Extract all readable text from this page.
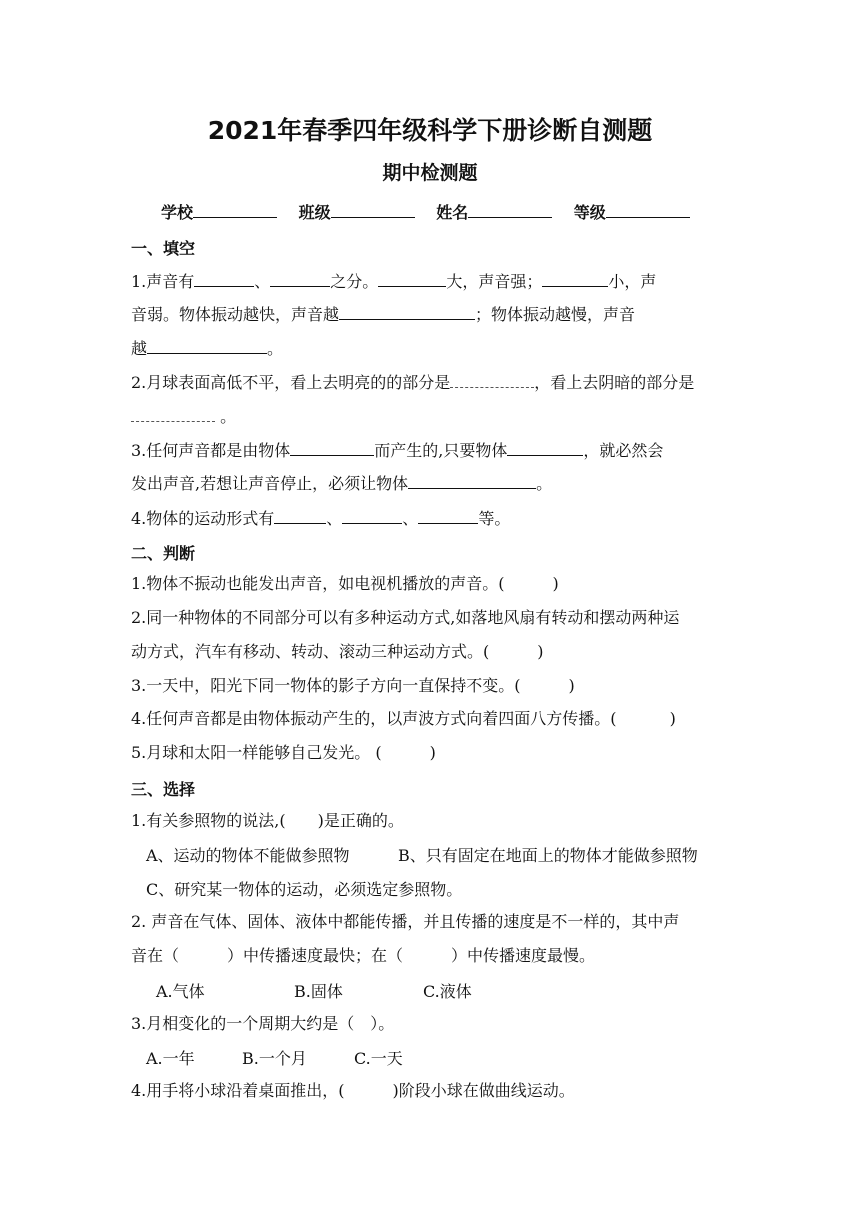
2021年春季四年级科学下册诊断自测题
期中检测题
学校	班级	姓名	等级
一、填空
1.声音有	、	之分。	大，声音强；	小，声
音弱。物体振动越快，声音越	；物体振动越慢，声音
越	。
2.月球表面高低不平，看上去明亮的的部分是	，看上去阴暗的部分是
。
3.任何声音都是由物体	而产生的,只要物体	，就必然会
发出声音,若想让声音停止，必须让物体	。
4.物体的运动形式有	、	、	等。
二、判断
1.物体不振动也能发出声音，如电视机播放的声音。(　　　)
2.同一种物体的不同部分可以有多种运动方式,如落地风扇有转动和摆动两种运
动方式，汽车有移动、转动、滚动三种运动方式。(　　　)
3.一天中，阳光下同一物体的影子方向一直保持不变。(　　　)
4.任何声音都是由物体振动产生的，以声波方式向着四面八方传播。(　　　 )
5.月球和太阳一样能够自己发光。 (　　　)
三、选择
1.有关参照物的说法,(　　)是正确的。
A、运动的物体不能做参照物	B、只有固定在地面上的物体才能做参照物
C、研究某一物体的运动，必须选定参照物。
2. 声音在气体、固体、液体中都能传播，并且传播的速度是不一样的，其中声
音在（　　　）中传播速度最快；在（　　　）中传播速度最慢。
A.气体	B.固体	C.液体
3.月相变化的一个周期大约是（　）。
A.一年	B.一个月	C.一天
4.用手将小球沿着桌面推出，(　　　)阶段小球在做曲线运动。
